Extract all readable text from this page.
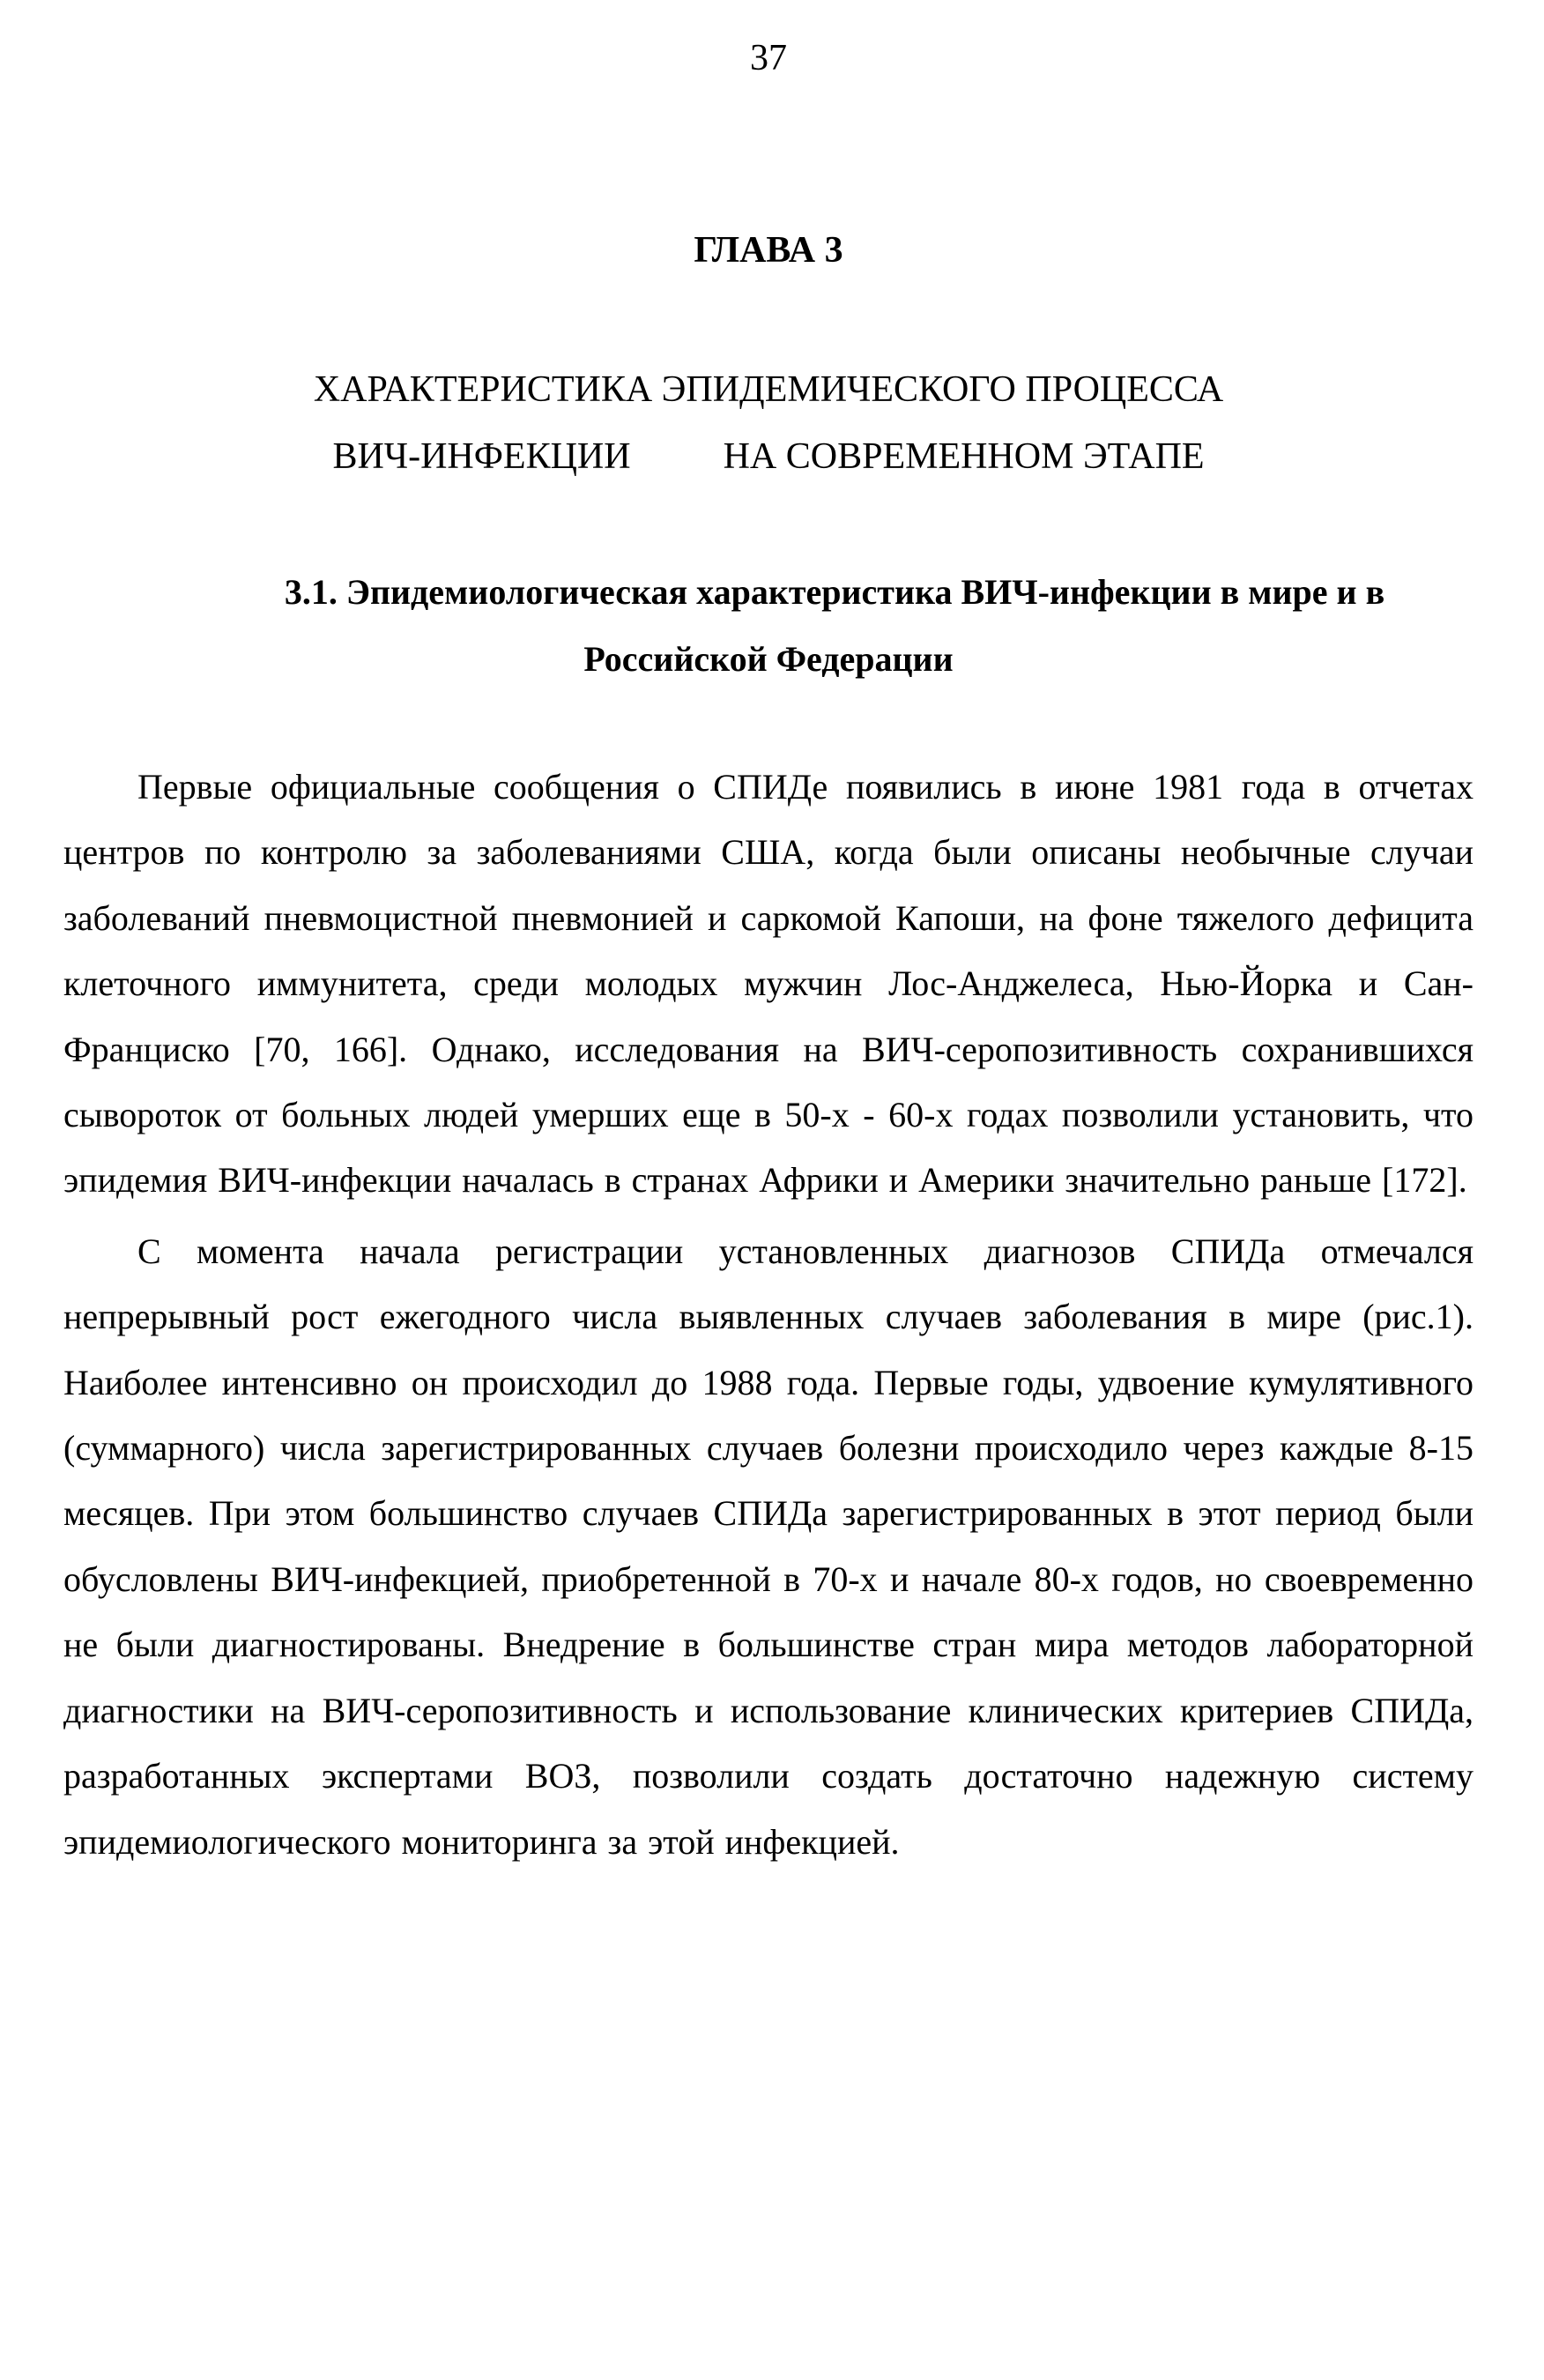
37
ГЛАВА 3
ХАРАКТЕРИСТИКА ЭПИДЕМИЧЕСКОГО ПРОЦЕССА
ВИЧ-ИНФЕКЦИИ          НА СОВРЕМЕННОМ ЭТАПЕ
3.1. Эпидемиологическая характеристика ВИЧ-инфекции в мире и в
Российской Федерации

Первые официальные сообщения о СПИДе появились в июне 1981 года в отчетах центров по контролю за заболеваниями США, когда были описаны необычные случаи заболеваний пневмоцистной пневмонией и саркомой Капоши, на фоне тяжелого дефицита клеточного иммунитета, среди молодых мужчин Лос-Анджелеса, Нью-Йорка и Сан-Франциско [70, 166]. Однако, исследования на ВИЧ-серопозитивность сохранившихся сывороток от больных людей умерших еще в 50-х - 60-х годах позволили установить, что эпидемия ВИЧ-инфекции началась в странах Африки и Америки значительно раньше [172].

С момента начала регистрации установленных диагнозов СПИДа отмечался непрерывный рост ежегодного числа выявленных случаев заболевания в мире (рис.1). Наиболее интенсивно он происходил до 1988 года. Первые годы, удвоение кумулятивного (суммарного) числа зарегистрированных случаев болезни происходило через каждые 8-15 месяцев. При этом большинство случаев СПИДа зарегистрированных в этот период были обусловлены ВИЧ-инфекцией, приобретенной в 70-х и начале 80-х годов, но своевременно не были диагностированы. Внедрение в большинстве стран мира методов лабораторной диагностики на ВИЧ-серопозитивность и использование клинических критериев СПИДа, разработанных экспертами ВОЗ, позволили создать достаточно надежную систему эпидемиологического мониторинга за этой инфекцией.
